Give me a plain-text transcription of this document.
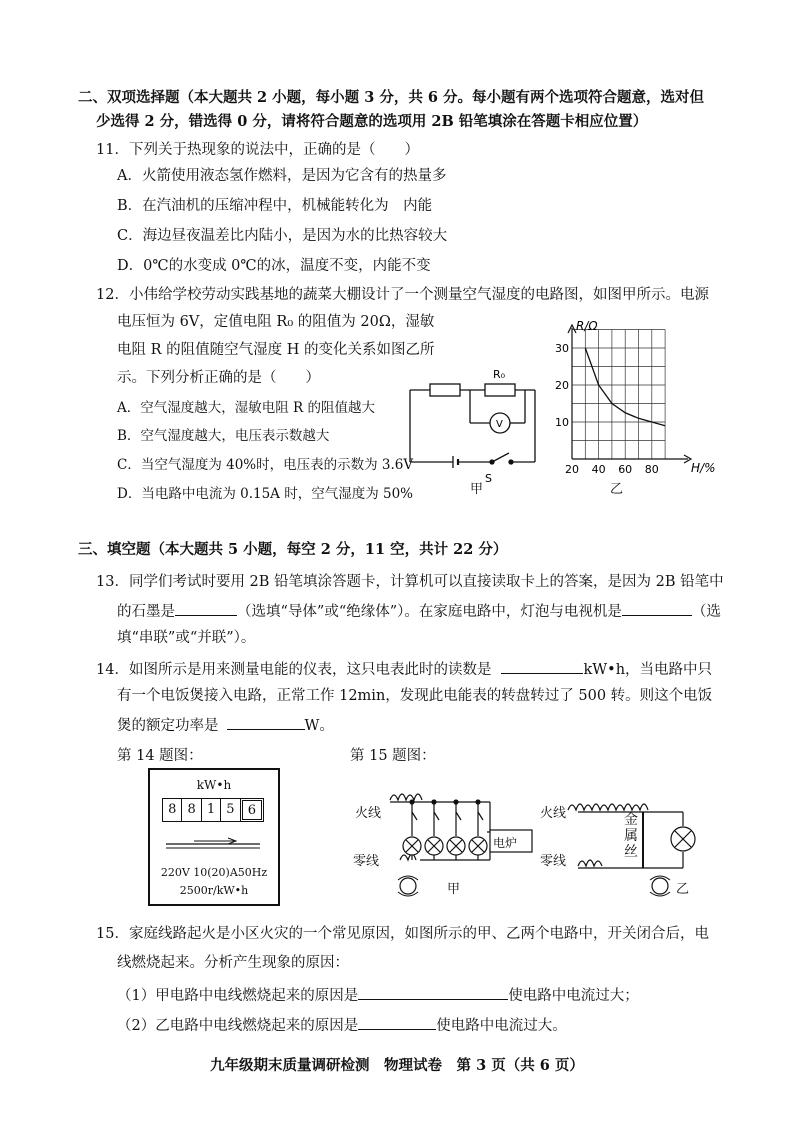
二、双项选择题（本大题共 2 小题，每小题 3 分，共 6 分。每小题有两个选项符合题意，选对但
少选得 2 分，错选得 0 分，请将符合题意的选项用 2B 铅笔填涂在答题卡相应位置）
11．下列关于热现象的说法中，正确的是（　　）
A．火箭使用液态氢作燃料，是因为它含有的热量多
B．在汽油机的压缩冲程中，机械能转化为　内能
C．海边昼夜温差比内陆小，是因为水的比热容较大
D．0℃的水变成 0℃的冰，温度不变，内能不变
12．小伟给学校劳动实践基地的蔬菜大棚设计了一个测量空气湿度的电路图，如图甲所示。电源
电压恒为 6V，定值电阻 R₀ 的阻值为 20Ω，湿敏
电阻 R 的阻值随空气湿度 H 的变化关系如图乙所
示。下列分析正确的是（　　）
A．空气湿度越大，湿敏电阻 R 的阻值越大
B．空气湿度越大，电压表示数越大
C．当空气湿度为 40%时，电压表的示数为 3.6V
D．当电路中电流为 0.15A 时，空气湿度为 50%
R₀
V
S
甲
R/Ω
H/%
20 40 60 80
10
20
30
乙
三、填空题（本大题共 5 小题，每空 2 分，11 空，共计 22 分）
13．同学们考试时要用 2B 铅笔填涂答题卡，计算机可以直接读取卡上的答案，是因为 2B 铅笔中
的石墨是	（选填“导体”或“绝缘体”）。在家庭电路中，灯泡与电视机是	（选
填“串联”或“并联”）。
14．如图所示是用来测量电能的仪表，这只电表此时的读数是	kW•h，当电路中只
有一个电饭煲接入电路，正常工作 12min，发现此电能表的转盘转过了 500 转。则这个电饭
煲的额定功率是	W。
第 14 题图：	第 15 题图：
kW•h
8 8 1 5	6
220V 10(20)A50Hz
2500r/kW•h
火线
零线
电炉
甲
火线
零线
金
属
丝
乙
15．家庭线路起火是小区火灾的一个常见原因，如图所示的甲、乙两个电路中，开关闭合后，电
线燃烧起来。分析产生现象的原因：
（1）甲电路中电线燃烧起来的原因是	使电路中电流过大；
（2）乙电路中电线燃烧起来的原因是	使电路中电流过大。
九年级期末质量调研检测　物理试卷　第 3 页（共 6 页）
